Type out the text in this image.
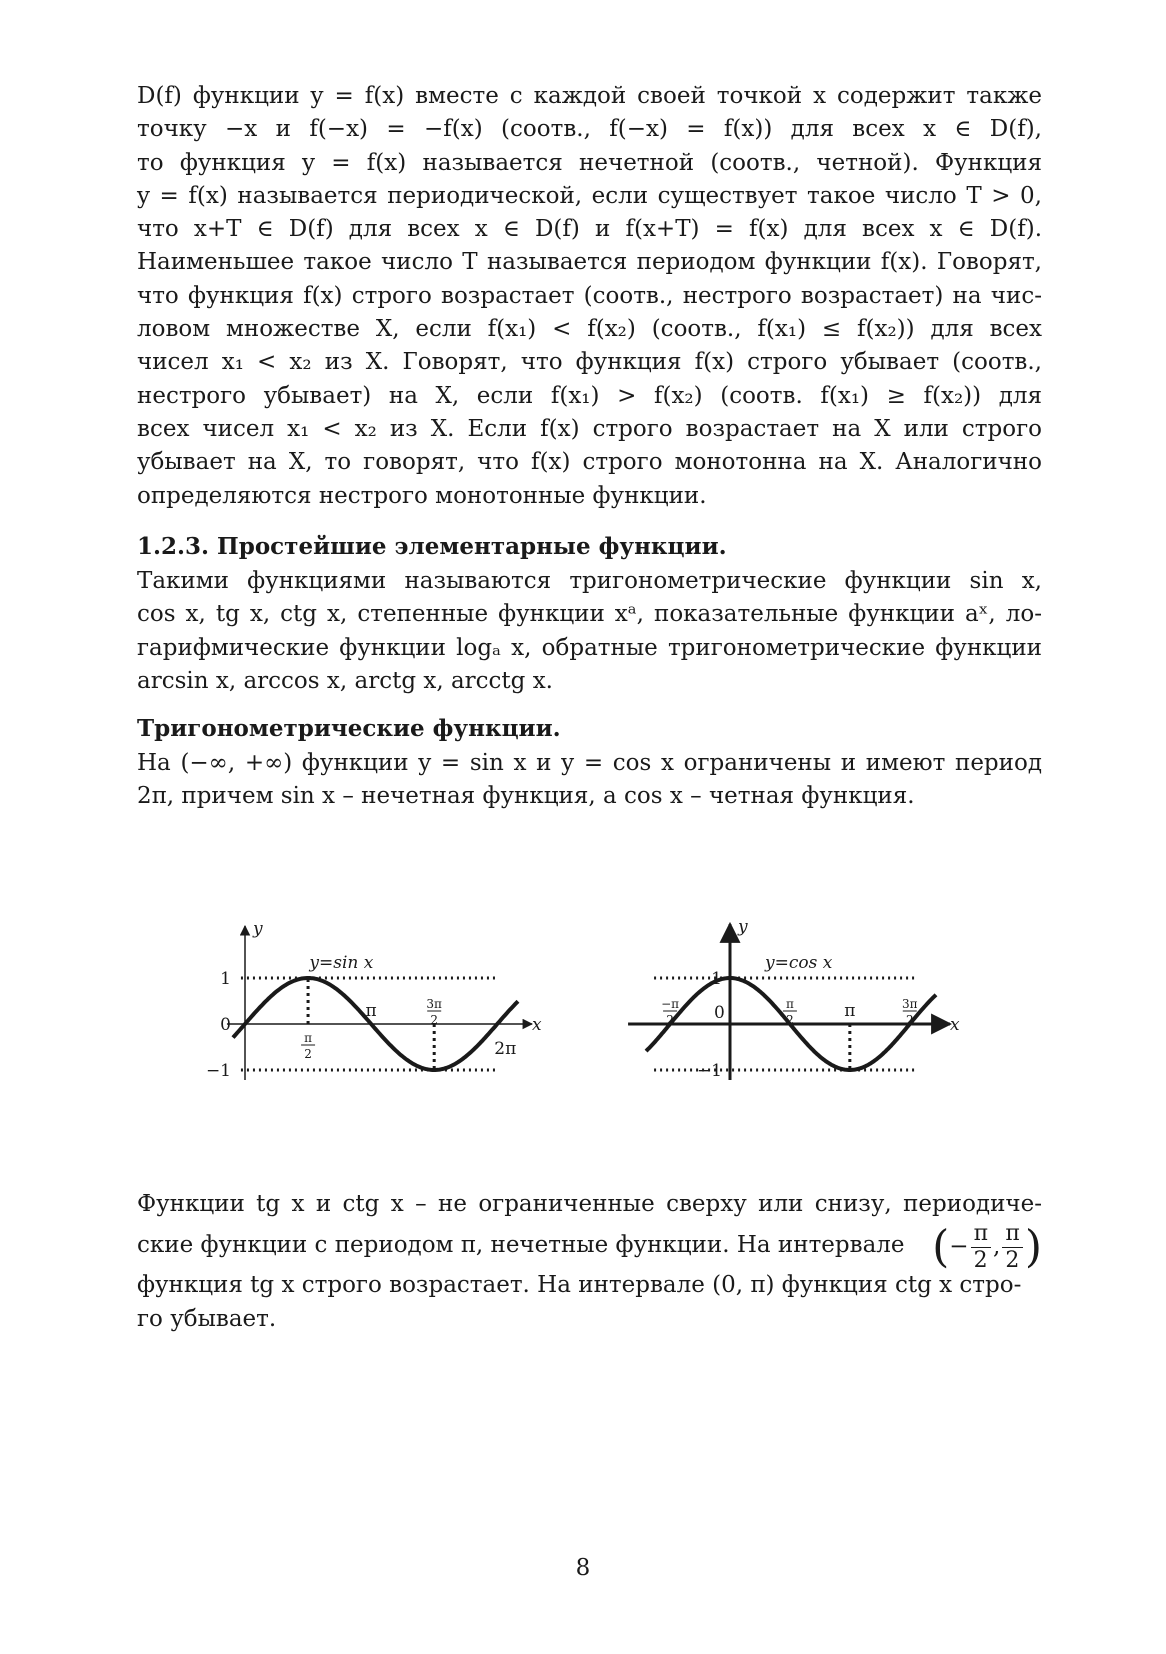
D(f) функции y = f(x) вместе с каждой своей точкой x содержит также
точку −x и f(−x) = −f(x) (соотв., f(−x) = f(x)) для всех x ∈ D(f),
то функция y = f(x) называется нечетной (соотв., четной). Функция
y = f(x) называется периодической, если существует такое число T > 0,
что x+T ∈ D(f) для всех x ∈ D(f) и f(x+T) = f(x) для всех x ∈ D(f).
Наименьшее такое число T называется периодом функции f(x). Говорят,
что функция f(x) строго возрастает (соотв., нестрого возрастает) на чис-
ловом множестве X, если f(x₁) < f(x₂) (соотв., f(x₁) ≤ f(x₂)) для всех
чисел x₁ < x₂ из X. Говорят, что функция f(x) строго убывает (соотв.,
нестрого убывает) на X, если f(x₁) > f(x₂) (соотв. f(x₁) ≥ f(x₂)) для
всех чисел x₁ < x₂ из X. Если f(x) строго возрастает на X или строго
убывает на X, то говорят, что f(x) строго монотонна на X. Аналогично
определяются нестрого монотонные функции.

1.2.3. Простейшие элементарные функции.

Такими функциями называются тригонометрические функции sin x,
cos x, tg x, ctg x, степенные функции xᵃ, показательные функции aˣ, ло-
гарифмические функции logₐ x, обратные тригонометрические функции
arcsin x, arccos x, arctg x, arcctg x.

Тригонометрические функции.

На (−∞, +∞) функции y = sin x и y = cos x ограничены и имеют период
2π, причем sin x – нечетная функция, а cos x – четная функция.

π
2
π	3π
2
2π
1
0
−1
x
y
y=sin x
−π
2 0	π
2	π	3π
2
1
−1
x
y
y=cos x

Функции tg x и ctg x – не ограниченные сверху или снизу, периодиче-
ские функции с периодом π, нечетные функции. На интервале (− $\frac{\pi}{2}$ , $\frac{\pi}{2}$ )
функция tg x строго возрастает. На интервале (0, π) функция ctg x стро-
го убывает.

8
